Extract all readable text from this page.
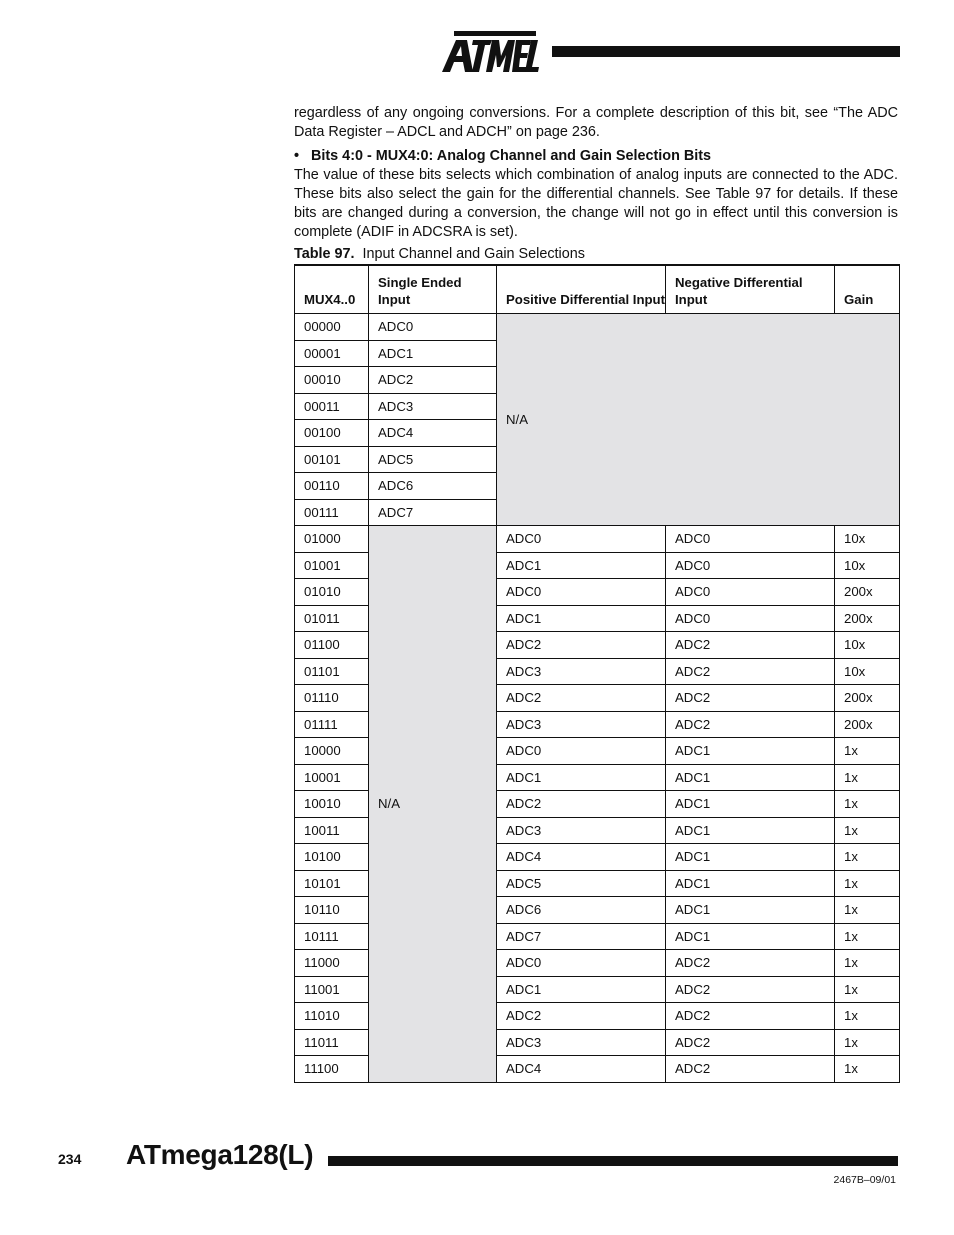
ATMEL

regardless of any ongoing conversions. For a complete description of this bit, see “The ADC Data Register – ADCL and ADCH” on page 236.

• Bits 4:0 - MUX4:0: Analog Channel and Gain Selection Bits

The value of these bits selects which combination of analog inputs are connected to the ADC. These bits also select the gain for the differential channels. See Table 97 for details. If these bits are changed during a conversion, the change will not go in effect until this conversion is complete (ADIF in ADCSRA is set).

Table 97. Input Channel and Gain Selections

MUX4..0	Single Ended Input	Positive Differential Input	Negative Differential Input	Gain
00000	ADC0	N/A		
00001	ADC1			
00010	ADC2			
00011	ADC3			
00100	ADC4			
00101	ADC5			
00110	ADC6			
00111	ADC7			
01000	N/A	ADC0	ADC0	10x
01001		ADC1	ADC0	10x
01010		ADC0	ADC0	200x
01011		ADC1	ADC0	200x
01100		ADC2	ADC2	10x
01101		ADC3	ADC2	10x
01110		ADC2	ADC2	200x
01111		ADC3	ADC2	200x
10000		ADC0	ADC1	1x
10001		ADC1	ADC1	1x
10010		ADC2	ADC1	1x
10011		ADC3	ADC1	1x
10100		ADC4	ADC1	1x
10101		ADC5	ADC1	1x
10110		ADC6	ADC1	1x
10111		ADC7	ADC1	1x
11000		ADC0	ADC2	1x
11001		ADC1	ADC2	1x
11010		ADC2	ADC2	1x
11011		ADC3	ADC2	1x
11100		ADC4	ADC2	1x
234 ATmega128(L)
2467B–09/01
